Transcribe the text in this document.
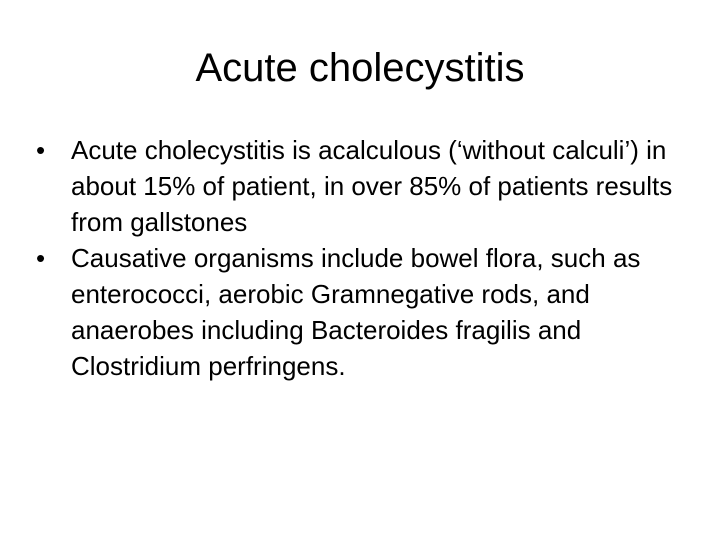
Acute cholecystitis
• Acute cholecystitis is acalculous (‘without calculi’) in about 15% of patient, in over 85% of patients results from gallstones
• Causative organisms include bowel flora, such as enterococci, aerobic Gramnegative rods, and anaerobes including Bacteroides fragilis and Clostridium perfringens.
